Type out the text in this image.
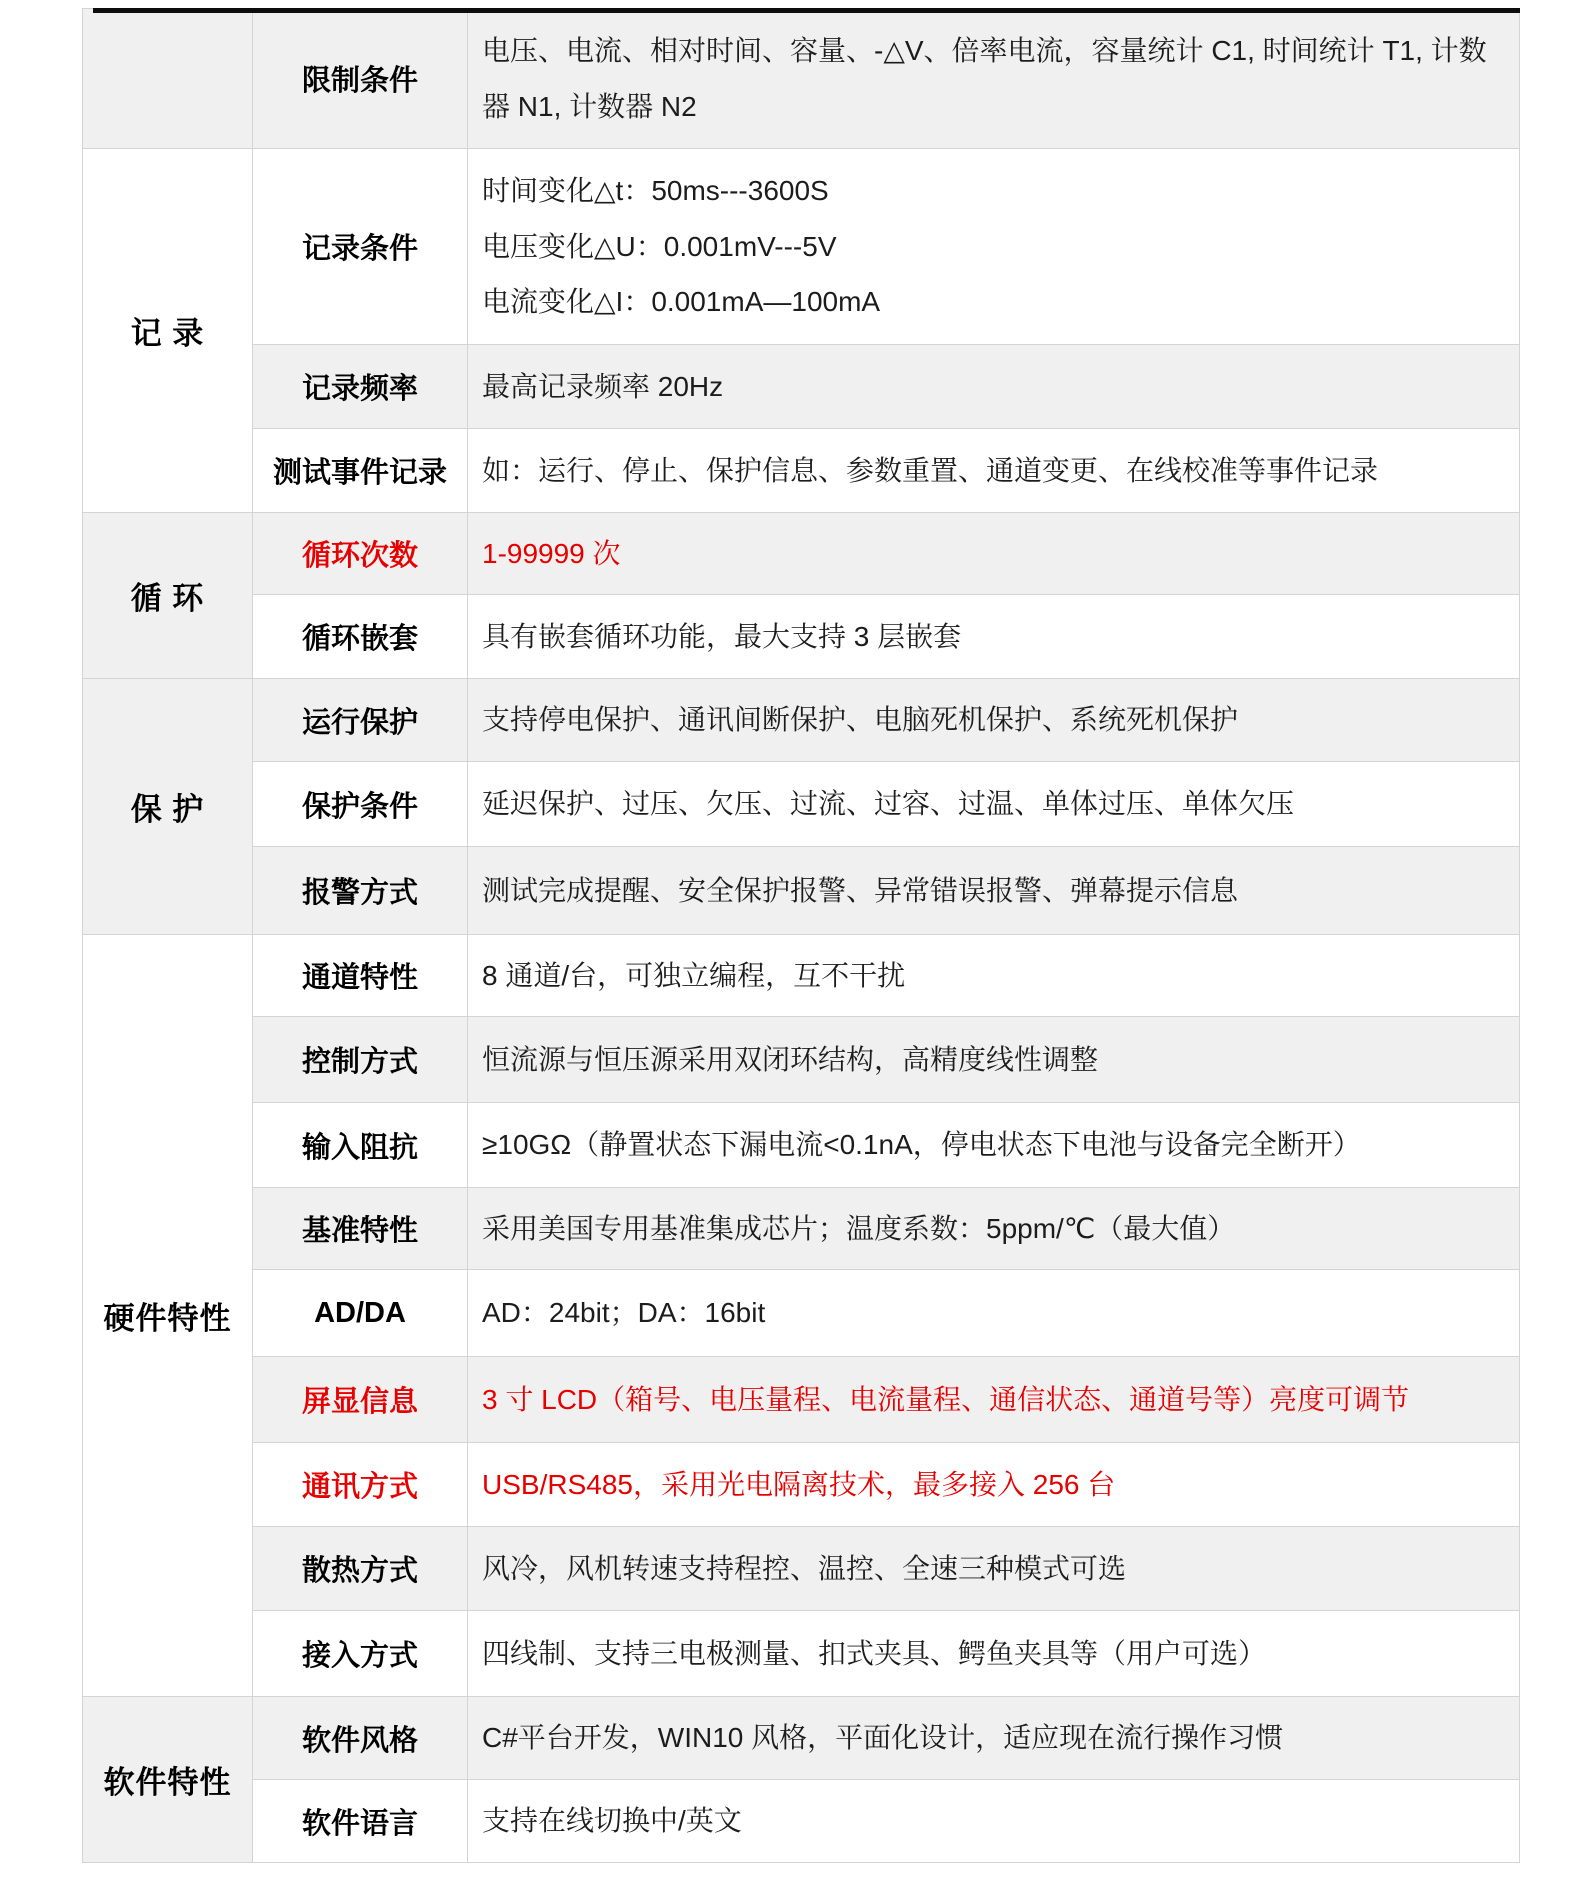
	限制条件	电压、电流、相对时间、容量、-△V、倍率电流，容量统计 C1, 时间统计 T1, 计数器 N1, 计数器 N2

记 录	记录条件	时间变化△t：50ms---3600S
电压变化△U：0.001mV---5V
电流变化△I：0.001mA—100mA

	记录频率	最高记录频率 20Hz

	测试事件记录	如：运行、停止、保护信息、参数重置、通道变更、在线校准等事件记录

循 环	循环次数	1-99999 次

	循环嵌套	具有嵌套循环功能，最大支持 3 层嵌套

保 护	运行保护	支持停电保护、通讯间断保护、电脑死机保护、系统死机保护

	保护条件	延迟保护、过压、欠压、过流、过容、过温、单体过压、单体欠压

	报警方式	测试完成提醒、安全保护报警、异常错误报警、弹幕提示信息

硬件特性	通道特性	8 通道/台，可独立编程，互不干扰

	控制方式	恒流源与恒压源采用双闭环结构，高精度线性调整

	输入阻抗	≥10GΩ（静置状态下漏电流<0.1nA，停电状态下电池与设备完全断开）

	基准特性	采用美国专用基准集成芯片；温度系数：5ppm/℃（最大值）

	AD/DA	AD：24bit；DA：16bit

	屏显信息	3 寸 LCD（箱号、电压量程、电流量程、通信状态、通道号等）亮度可调节

	通讯方式	USB/RS485，采用光电隔离技术，最多接入 256 台

	散热方式	风冷，风机转速支持程控、温控、全速三种模式可选

	接入方式	四线制、支持三电极测量、扣式夹具、鳄鱼夹具等（用户可选）

软件特性	软件风格	C#平台开发，WIN10 风格，平面化设计，适应现在流行操作习惯

	软件语言	支持在线切换中/英文
